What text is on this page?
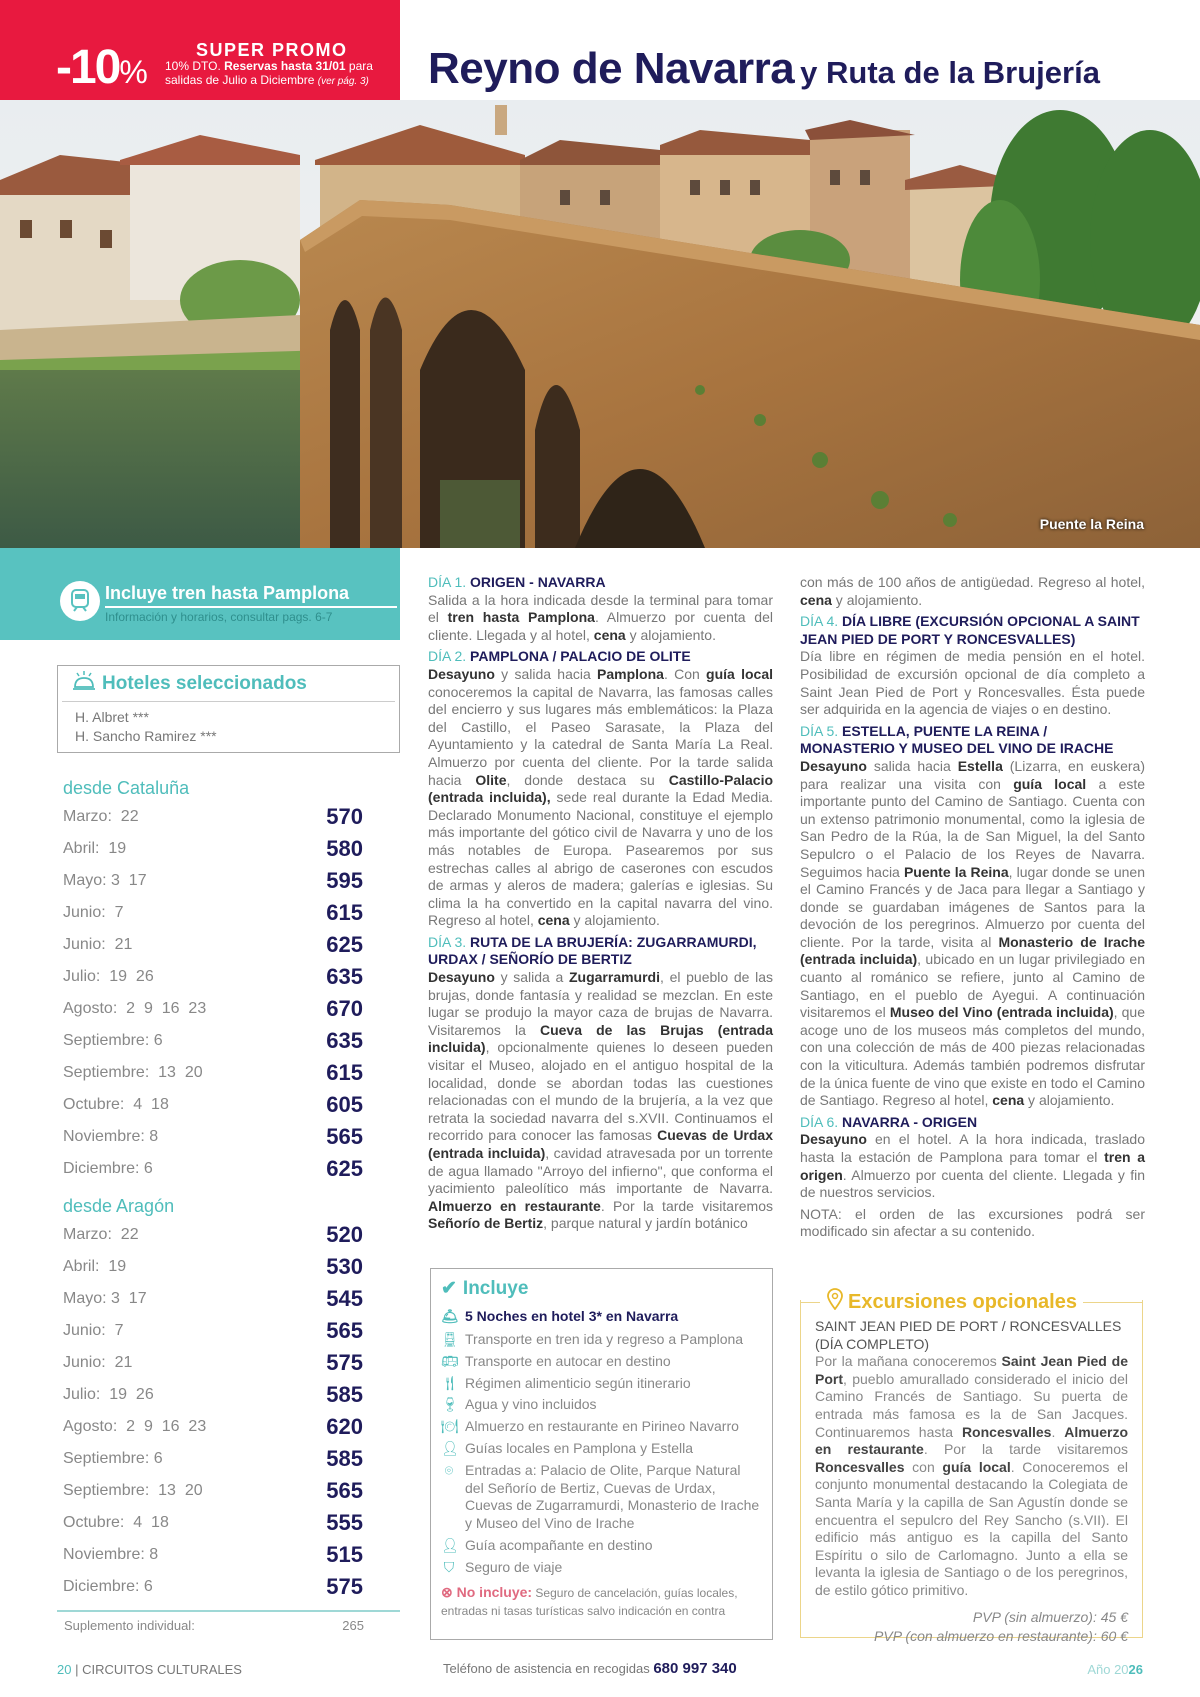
-10%
SUPER PROMO
10% DTO. Reservas hasta 31/01 para
salidas de Julio a Diciembre (ver pág. 3) Reyno de Navarra y Ruta de la Brujería
Puente la Reina
Incluye tren hasta Pamplona
Información y horarios, consultar pags. 6-7
Hoteles seleccionados
H. Albret ***
H. Sancho Ramirez ***
desde Cataluña
Marzo:  22	570
Abril:  19	580
Mayo: 3  17	595
Junio:  7	615
Junio:  21	625
Julio:  19  26	635
Agosto:  2  9  16  23	670
Septiembre: 6	635
Septiembre:  13  20	615
Octubre:  4  18	605
Noviembre: 8	565
Diciembre: 6	625
desde Aragón
Marzo:  22	520
Abril:  19	530
Mayo: 3  17	545
Junio:  7	565
Junio:  21	575
Julio:  19  26	585
Agosto:  2  9  16  23	620
Septiembre: 6	585
Septiembre:  13  20	565
Octubre:  4  18	555
Noviembre: 8	515
Diciembre: 6	575
Suplemento individual:	265
DÍA 1. ORIGEN - NAVARRA

Salida a la hora indicada desde la terminal para tomar el tren hasta Pamplona. Almuerzo por cuenta del cliente. Llegada y al hotel, cena y alojamiento.

DÍA 2. PAMPLONA / PALACIO DE OLITE

Desayuno y salida hacia Pamplona. Con guía local conoceremos la capital de Navarra, las famosas calles del encierro y sus lugares más emblemáticos: la Plaza del Castillo, el Paseo Sarasate, la Plaza del Ayuntamiento y la catedral de Santa María La Real. Almuerzo por cuenta del cliente. Por la tarde salida hacia Olite, donde destaca su Castillo-Palacio (entrada incluida), sede real durante la Edad Media. Declarado Monumento Nacional, constituye el ejemplo más importante del gótico civil de Navarra y uno de los más notables de Europa. Pasearemos por sus estrechas calles al abrigo de caserones con escudos de armas y aleros de madera; galerías e iglesias. Su clima la ha convertido en la capital navarra del vino. Regreso al hotel, cena y alojamiento.

DÍA 3. RUTA DE LA BRUJERÍA: ZUGARRAMURDI, URDAX / SEÑORÍO DE BERTIZ

Desayuno y salida a Zugarramurdi, el pueblo de las brujas, donde fantasía y realidad se mezclan. En este lugar se produjo la mayor caza de brujas de Navarra. Visitaremos la Cueva de las Brujas (entrada incluida), opcionalmente quienes lo deseen pueden visitar el Museo, alojado en el antiguo hospital de la localidad, donde se abordan todas las cuestiones relacionadas con el mundo de la brujería, a la vez que retrata la sociedad navarra del s.XVII. Continuamos el recorrido para conocer las famosas Cuevas de Urdax (entrada incluida), cavidad atravesada por un torrente de agua llamado "Arroyo del infierno", que conforma el yacimiento paleolítico más importante de Navarra. Almuerzo en restaurante. Por la tarde visitaremos Señorío de Bertiz, parque natural y jardín botánico

con más de 100 años de antigüedad. Regreso al hotel, cena y alojamiento.

DÍA 4. DÍA LIBRE (EXCURSIÓN OPCIONAL A SAINT JEAN PIED DE PORT Y RONCESVALLES)

Día libre en régimen de media pensión en el hotel. Posibilidad de excursión opcional de día completo a Saint Jean Pied de Port y Roncesvalles. Ésta puede ser adquirida en la agencia de viajes o en destino.

DÍA 5. ESTELLA, PUENTE LA REINA / MONASTERIO Y MUSEO DEL VINO DE IRACHE

Desayuno salida hacia Estella (Lizarra, en euskera) para realizar una visita con guía local a este importante punto del Camino de Santiago. Cuenta con un extenso patrimonio monumental, como la iglesia de San Pedro de la Rúa, la de San Miguel, la del Santo Sepulcro o el Palacio de los Reyes de Navarra. Seguimos hacia Puente la Reina, lugar donde se unen el Camino Francés y de Jaca para llegar a Santiago y donde se guardaban imágenes de Santos para la devoción de los peregrinos. Almuerzo por cuenta del cliente. Por la tarde, visita al Monasterio de Irache (entrada incluida), ubicado en un lugar privilegiado en cuanto al románico se refiere, junto al Camino de Santiago, en el pueblo de Ayegui. A continuación visitaremos el Museo del Vino (entrada incluida), que acoge uno de los museos más completos del mundo, con una colección de más de 400 piezas relacionadas con la viticultura. Además también podremos disfrutar de la única fuente de vino que existe en todo el Camino de Santiago. Regreso al hotel, cena y alojamiento.

DÍA 6. NAVARRA - ORIGEN

Desayuno en el hotel. A la hora indicada, traslado hasta la estación de Pamplona para tomar el tren a origen. Almuerzo por cuenta del cliente. Llegada y fin de nuestros servicios.

NOTA: el orden de las excursiones podrá ser modificado sin afectar a su contenido.

✔ Incluye
🛎︎ 5 Noches en hotel 3* en Navarra
🚆︎ Transporte en tren ida y regreso a Pamplona
🚌︎ Transporte en autocar en destino
🍴︎ Régimen alimenticio según itinerario
🍷︎ Agua y vino incluidos
🍽︎ Almuerzo en restaurante en Pirineo Navarro
👤︎ Guías locales en Pamplona y Estella
⌾ Entradas a: Palacio de Olite, Parque Natural del Señorío de Bertiz, Cuevas de Urdax, Cuevas de Zugarramurdi, Monasterio de Irache y Museo del Vino de Irache
👤︎ Guía acompañante en destino
⛉ Seguro de viaje
⊗ No incluye: Seguro de cancelación, guías locales, entradas ni tasas turísticas salvo indicación en contra
Excursiones opcionales
SAINT JEAN PIED DE PORT / RONCESVALLES (DÍA COMPLETO)
Por la mañana conoceremos Saint Jean Pied de Port, pueblo amurallado considerado el inicio del Camino Francés de Santiago. Su puerta de entrada más famosa es la de San Jacques. Continuaremos hasta Roncesvalles. Almuerzo en restaurante. Por la tarde visitaremos Roncesvalles con guía local. Conoceremos el conjunto monumental destacando la Colegiata de Santa María y la capilla de San Agustín donde se encuentra el sepulcro del Rey Sancho (s.VII). El edificio más antiguo es la capilla del Santo Espíritu o silo de Carlomagno. Junto a ella se levanta la iglesia de Santiago o de los peregrinos, de estilo gótico primitivo.
PVP (sin almuerzo): 45 €
PVP (con almuerzo en restaurante): 60 €
20 | CIRCUITOS CULTURALES	Teléfono de asistencia en recogidas 680 997 340	Año 2026
